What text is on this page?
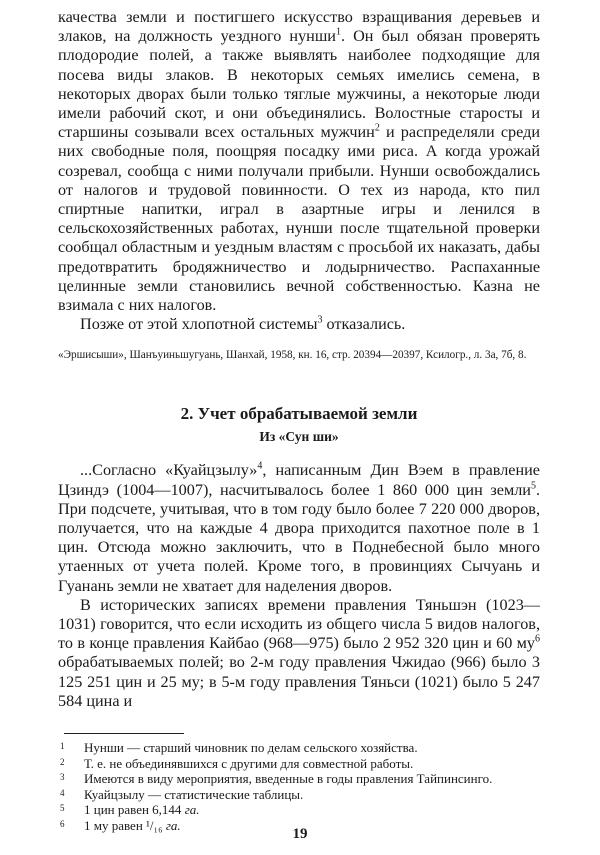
качества земли и постигшего искусство взращивания деревьев и злаков, на должность уездного нунши$^1$. Он был обязан проверять плодородие полей, а также выявлять наиболее подходящие для посева виды злаков. В некоторых семьях имелись семена, в некоторых дворах были только тяглые мужчины, а некоторые люди имели рабочий скот, и они объединялись. Волостные старосты и старшины созывали всех остальных мужчин$^2$ и распределяли среди них свободные поля, поощряя посадку ими риса. А когда урожай созревал, сообща с ними получали прибыли. Нунши освобождались от налогов и трудовой повинности. О тех из народа, кто пил спиртные напитки, играл в азартные игры и ленился в сельскохозяйственных работах, нунши после тщательной проверки сообщал областным и уездным властям с просьбой их наказать, дабы предотвратить бродяжничество и лодырничество. Распаханные целинные земли становились вечной собственностью. Казна не взимала с них налогов.

Позже от этой хлопотной системы$^3$ отказались.

«Эршисыши», Шанъуиньшугуань, Шанхай, 1958, кн. 16, стр. 20394—20397, Ксилогр., л. 3а, 7б, 8.
2. Учет обрабатываемой земли
Из «Сун ши»

...Согласно «Куайцзылу»$^4$, написанным Дин Вэем в правление Цзиндэ (1004—1007), насчитывалось более 1 860 000 цин земли$^5$. При подсчете, учитывая, что в том году было более 7 220 000 дворов, получается, что на каждые 4 двора приходится пахотное поле в 1 цин. Отсюда можно заключить, что в Поднебесной было много утаенных от учета полей. Кроме того, в провинциях Сычуань и Гуанань земли не хватает для наделения дворов.

В исторических записях времени правления Тяньшэн (1023—1031) говорится, что если исходить из общего числа 5 видов налогов, то в конце правления Кайбао (968—975) было 2 952 320 цин и 60 $му^6$ обрабатываемых полей; во 2-м году правления Чжидао (966) было 3 125 251 цин и 25 му; в 5-м году правления Тяньси (1021) было 5 247 584 цина и

1	Нунши — старший чиновник по делам сельского хозяйства.
2	Т. е. не объединявшихся с другими для совместной работы.
3	Имеются в виду мероприятия, введенные в годы правления Тайпинсинго.
4	Куайцзылу — статистические таблицы.
5	1 цин равен 6,144 га.
6	1 му равен ¹/₁₆ га.
19
